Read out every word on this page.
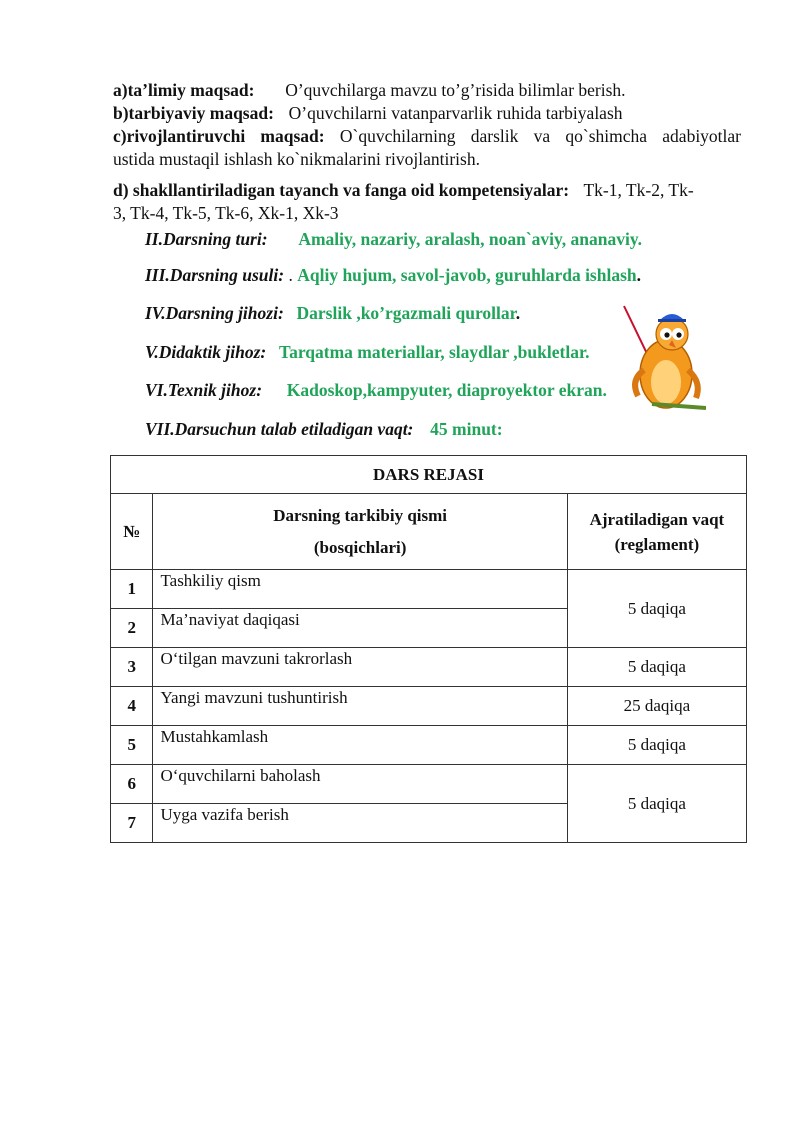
a)ta’limiy maqsad: O’quvchilarga mavzu to’g’risida bilimlar berish.
b)tarbiyaviy maqsad: O’quvchilarni vatanparvarlik ruhida tarbiyalash
c)rivojlantiruvchi maqsad: O`quvchilarning darslik va qo`shimcha adabiyotlar
ustida mustaqil ishlash ko`nikmalarini rivojlantirish.
d) shakllantiriladigan tayanch va fanga oid kompetensiyalar: Tk-1, Tk-2, Tk-
3, Tk-4, Tk-5, Tk-6, Xk-1, Xk-3
II.Darsning turi: Amaliy, nazariy, aralash, noan`aviy, ananaviy.
III.Darsning usuli: . Aqliy hujum, savol-javob, guruhlarda ishlash.
IV.Darsning jihozi: Darslik ,ko’rgazmali qurollar.
V.Didaktik jihoz: Tarqatma materiallar, slaydlar ,bukletlar.
VI.Texnik jihoz: Kadoskop,kampyuter, diaproyektor ekran.
VII.Darsuchun talab etiladigan vaqt: 45 minut:
DARS REJASI		
№	Darsning tarkibiy qismi
(bosqichlari)	Ajratiladigan vaqt (reglament)
1	Tashkiliy qism	5 daqiqa
2	Ma’naviyat daqiqasi	
3	O‘tilgan mavzuni takrorlash	5 daqiqa
4	Yangi mavzuni tushuntirish	25 daqiqa
5	Mustahkamlash	5 daqiqa
6	O‘quvchilarni baholash	5 daqiqa
7	Uyga vazifa berish	
